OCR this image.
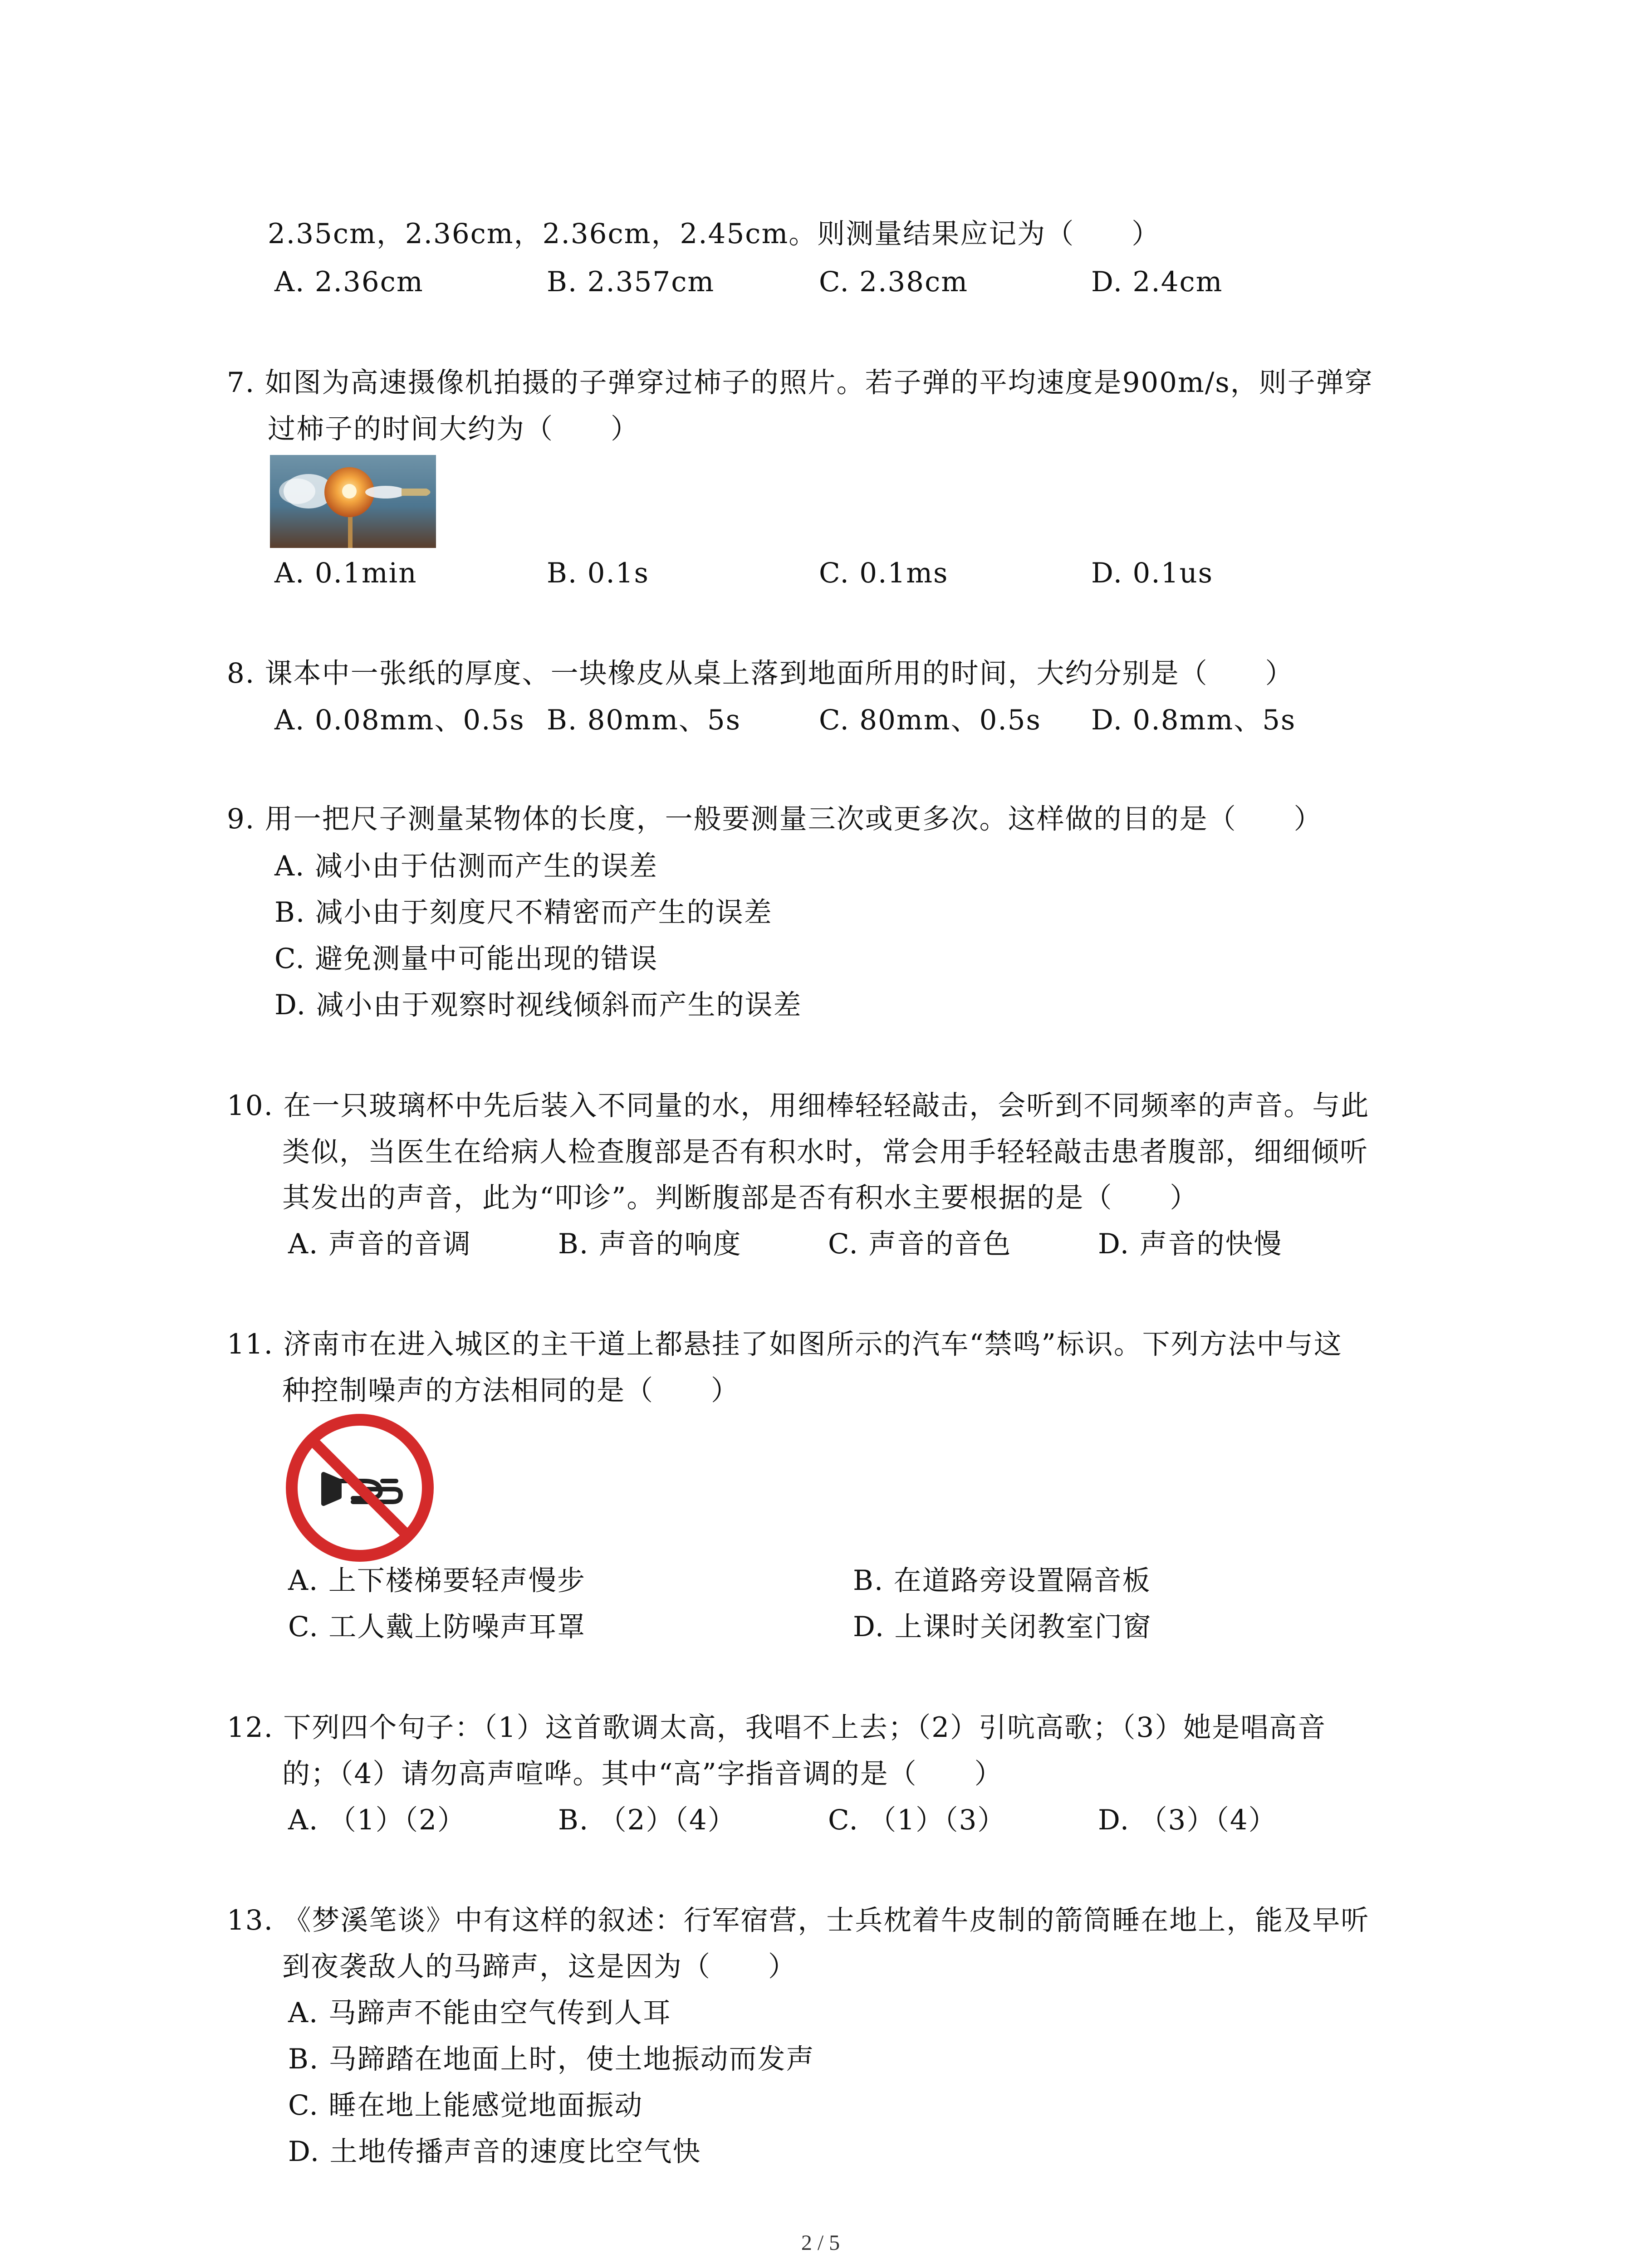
2.35cm，2.36cm，2.36cm，2.45cm。则测量结果应记为（　　）

A. 2.36cm	B. 2.357cm	C. 2.38cm	D. 2.4cm

7. 如图为高速摄像机拍摄的子弹穿过柿子的照片。若子弹的平均速度是900m/s，则子弹穿

过柿子的时间大约为（　　）

A. 0.1min	B. 0.1s	C. 0.1ms	D. 0.1us

8. 课本中一张纸的厚度、一块橡皮从桌上落到地面所用的时间，大约分别是（　　）

A. 0.08mm、0.5s B. 80mm、5s	C. 80mm、0.5s D. 0.8mm、5s

9. 用一把尺子测量某物体的长度，一般要测量三次或更多次。这样做的目的是（　　）

A. 减小由于估测而产生的误差

B. 减小由于刻度尺不精密而产生的误差

C. 避免测量中可能出现的错误

D. 减小由于观察时视线倾斜而产生的误差

10. 在一只玻璃杯中先后装入不同量的水，用细棒轻轻敲击，会听到不同频率的声音。与此

类似，当医生在给病人检查腹部是否有积水时，常会用手轻轻敲击患者腹部，细细倾听

其发出的声音，此为“叩诊”。判断腹部是否有积水主要根据的是（　　）

A. 声音的音调	B. 声音的响度	C. 声音的音色	D. 声音的快慢

11. 济南市在进入城区的主干道上都悬挂了如图所示的汽车“禁鸣”标识。下列方法中与这

种控制噪声的方法相同的是（　　）

A. 上下楼梯要轻声慢步	B. 在道路旁设置隔音板

C. 工人戴上防噪声耳罩	D. 上课时关闭教室门窗

12. 下列四个句子：（1）这首歌调太高，我唱不上去；（2）引吭高歌；（3）她是唱高音

的；（4）请勿高声喧哗。其中“高”字指音调的是（　　）

A. （1）（2）	B. （2）（4）	C. （1）（3）	D. （3）（4）

13. 《梦溪笔谈》中有这样的叙述：行军宿营，士兵枕着牛皮制的箭筒睡在地上，能及早听

到夜袭敌人的马蹄声，这是因为（　　）

A. 马蹄声不能由空气传到人耳

B. 马蹄踏在地面上时，使土地振动而发声

C. 睡在地上能感觉地面振动

D. 土地传播声音的速度比空气快

2 / 5
